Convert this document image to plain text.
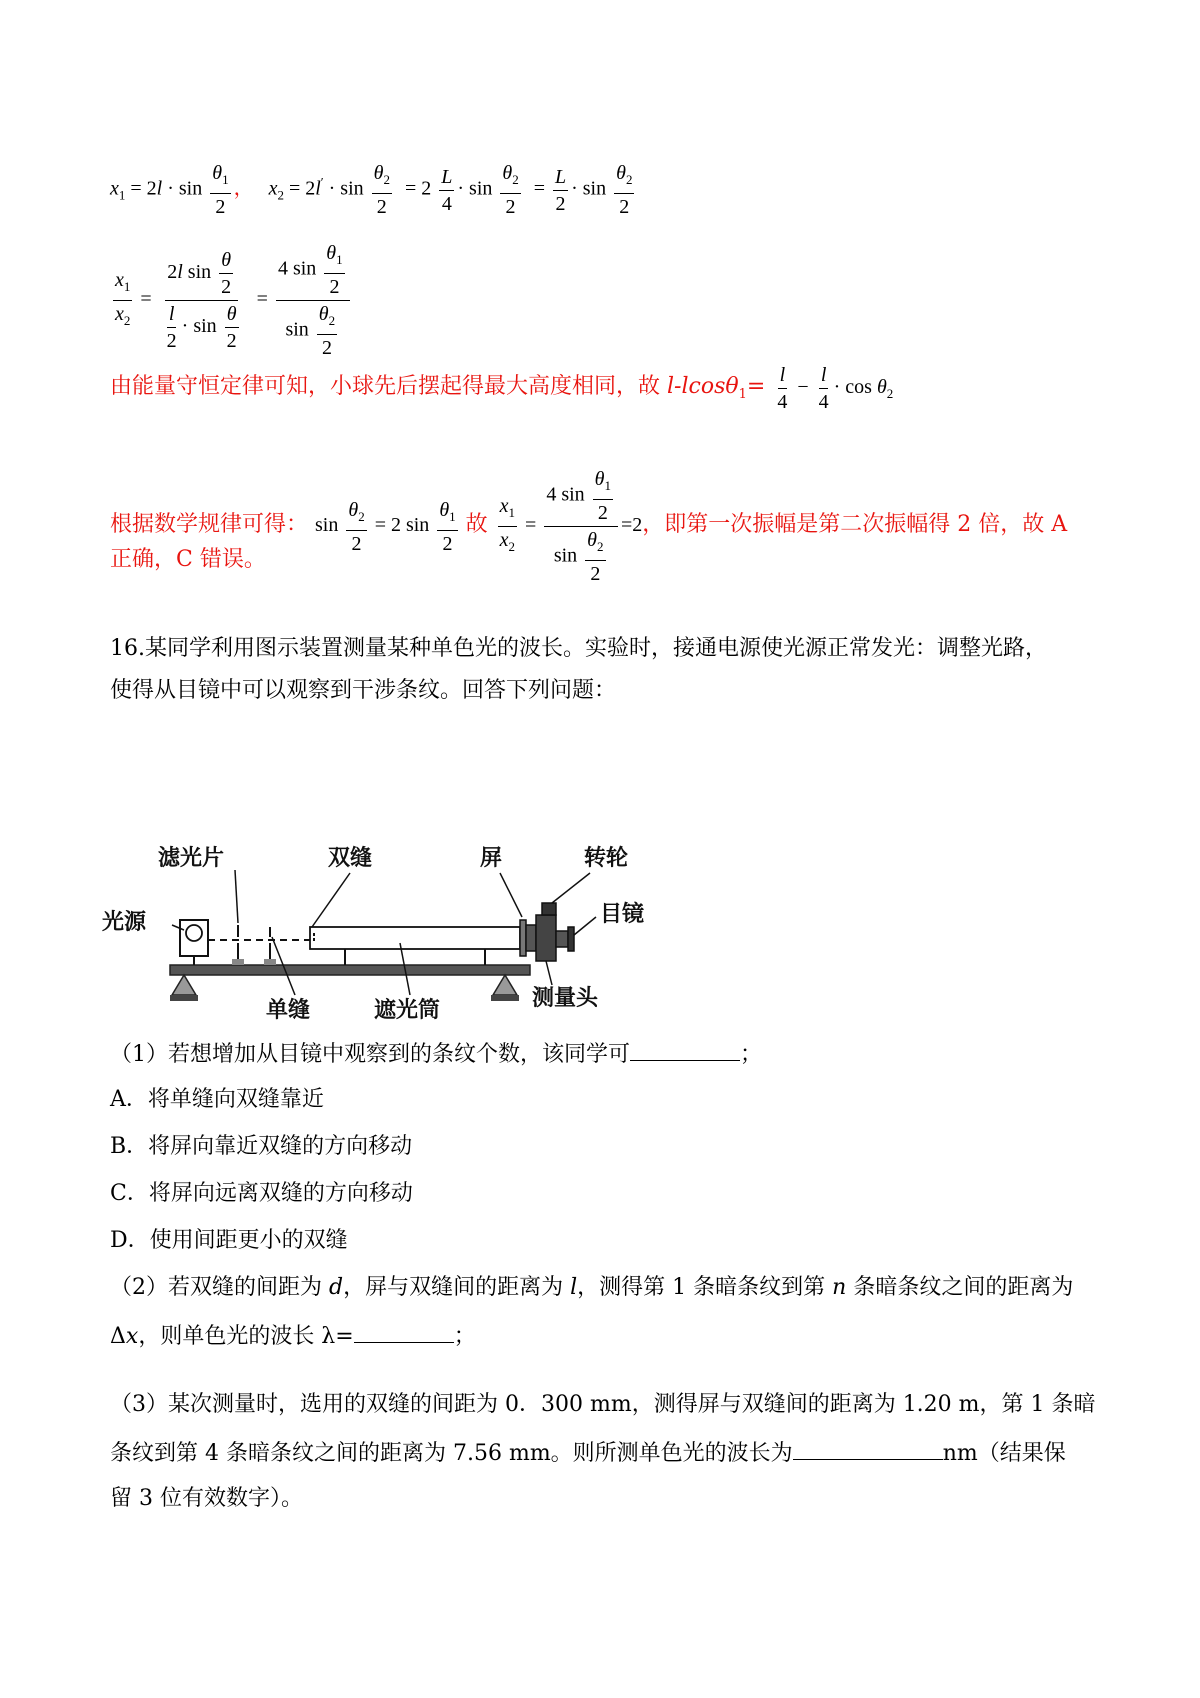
$x_1 = 2l \cdot \sin \frac{\theta_1}{2}$ ， $x_2 = 2l' \cdot \sin \frac{\theta_2}{2} = 2 \frac{L}{4} \cdot \sin \frac{\theta_2}{2} = \frac{L}{2} \cdot \sin \frac{\theta_2}{2}$
$\frac{x_1}{x_2} = \frac{2l \sin \frac{\theta}{2}}{\frac{l}{2} \cdot \sin \frac{\theta}{2}} = \frac{4 \sin \frac{\theta_1}{2}}{\sin \frac{\theta_2}{2}}$
由能量守恒定律可知，小球先后摆起得最大高度相同，故 $l-lcos\theta_1= \frac{l}{4} - \frac{l}{4} \cdot \cos \theta_2$
根据数学规律可得： $\sin \frac{\theta_2}{2} = 2$ $\sin \frac{\theta_1}{2}$ 故 $\frac{x_1}{x_2} = \frac{4 \sin \frac{\theta_1}{2}}{\sin \frac{\theta_2}{2}} =2$，即第一次振幅是第二次振幅得 2 倍，故 A
正确，C 错误。
16.某同学利用图示装置测量某种单色光的波长。实验时，接通电源使光源正常发光：调整光路，
使得从目镜中可以观察到干涉条纹。回答下列问题：
滤光片	双缝	屏	转轮
光源	目镜
测量头
单缝	遮光筒
（1）若想增加从目镜中观察到的条纹个数，该同学可	；
A．将单缝向双缝靠近
B．将屏向靠近双缝的方向移动
C．将屏向远离双缝的方向移动
D．使用间距更小的双缝
（2）若双缝的间距为 d，屏与双缝间的距离为 l，测得第 1 条暗条纹到第 n 条暗条纹之间的距离为
Δx，则单色光的波长 λ=	；
（3）某次测量时，选用的双缝的间距为 0．300 mm，测得屏与双缝间的距离为 1.20 m，第 1 条暗
条纹到第 4 条暗条纹之间的距离为 7.56 mm。则所测单色光的波长为	nm（结果保
留 3 位有效数字）。
